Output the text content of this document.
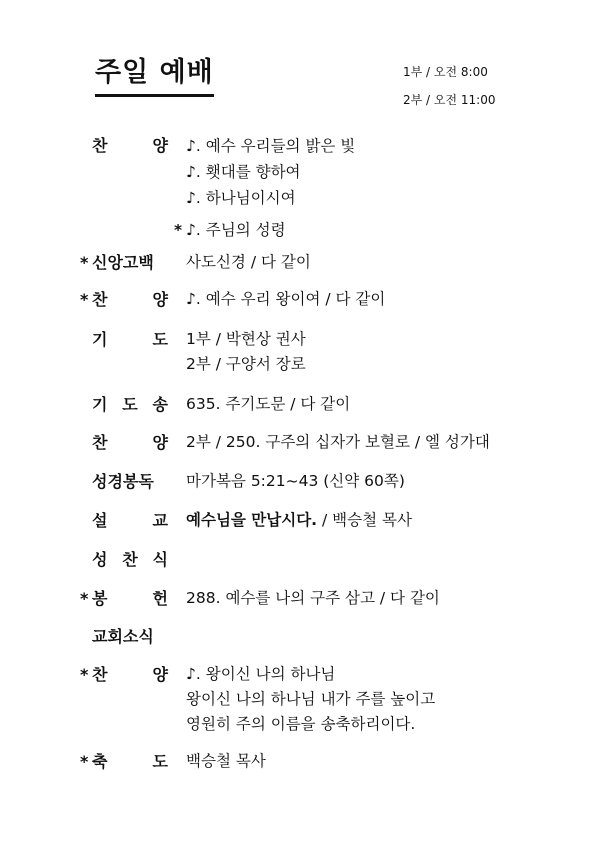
주일 예배	1부 / 오전 8:00
2부 / 오전 11:00
찬	양 ♪. 예수 우리들의 밝은 빛
♪. 횃대를 향하여
♪. 하나님이시여
* ♪. 주님의 성령
* 신앙고백 사도신경 / 다 같이
* 찬	양 ♪. 예수 우리 왕이여 / 다 같이
기	도 1부 / 박현상 권사
2부 / 구양서 장로
기 도 송 635. 주기도문 / 다 같이
찬	양 2부 / 250. 구주의 십자가 보혈로 / 엘 성가대
성경봉독 마가복음 5:21~43 (신약 60쪽)
설	교 예수님을 만납시다. / 백승철 목사
성 찬 식
* 봉	헌 288. 예수를 나의 구주 삼고 / 다 같이
교회소식
* 찬	양 ♪. 왕이신 나의 하나님
왕이신 나의 하나님 내가 주를 높이고
영원히 주의 이름을 송축하리이다.
* 축	도 백승철 목사
